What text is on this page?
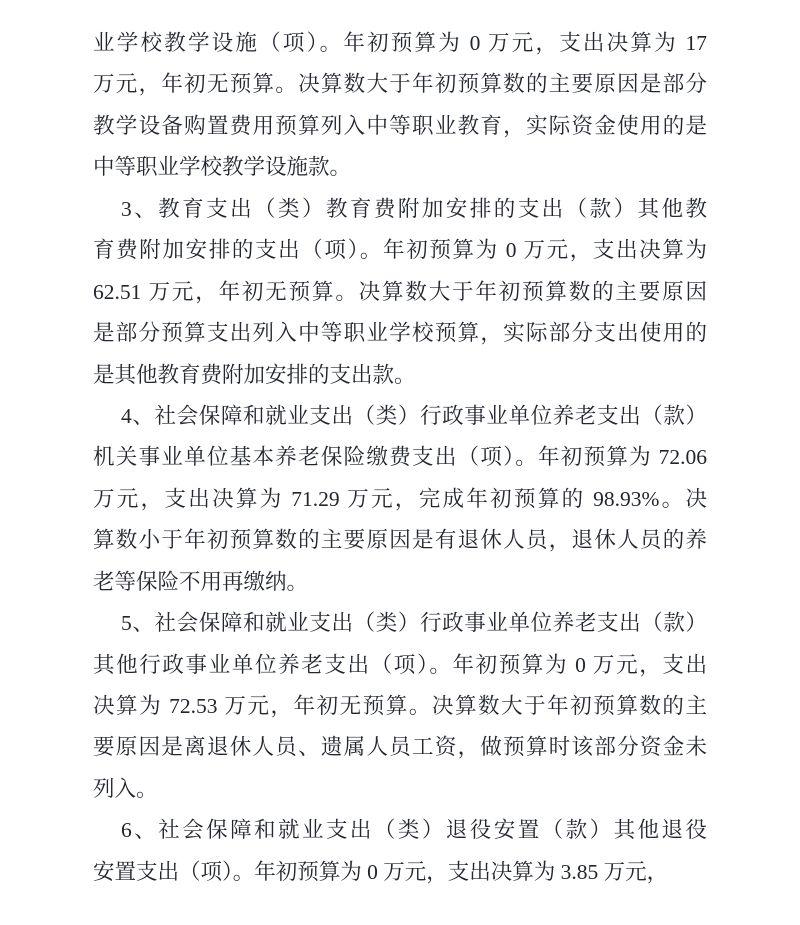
业学校教学设施（项）。年初预算为 0 万元，支出决算为 17
万元，年初无预算。决算数大于年初预算数的主要原因是部分
教学设备购置费用预算列入中等职业教育，实际资金使用的是
中等职业学校教学设施款。

3、教育支出（类）教育费附加安排的支出（款）其他教
育费附加安排的支出（项）。年初预算为 0 万元，支出决算为
62.51 万元，年初无预算。决算数大于年初预算数的主要原因
是部分预算支出列入中等职业学校预算，实际部分支出使用的
是其他教育费附加安排的支出款。

4、社会保障和就业支出（类）行政事业单位养老支出（款）
机关事业单位基本养老保险缴费支出（项）。年初预算为 72.06
万元，支出决算为 71.29 万元，完成年初预算的 98.93%。决
算数小于年初预算数的主要原因是有退休人员，退休人员的养
老等保险不用再缴纳。

5、社会保障和就业支出（类）行政事业单位养老支出（款）
其他行政事业单位养老支出（项）。年初预算为 0 万元，支出
决算为 72.53 万元，年初无预算。决算数大于年初预算数的主
要原因是离退休人员、遗属人员工资，做预算时该部分资金未
列入。

6、社会保障和就业支出（类）退役安置（款）其他退役
安置支出（项）。年初预算为 0 万元，支出决算为 3.85 万元，
